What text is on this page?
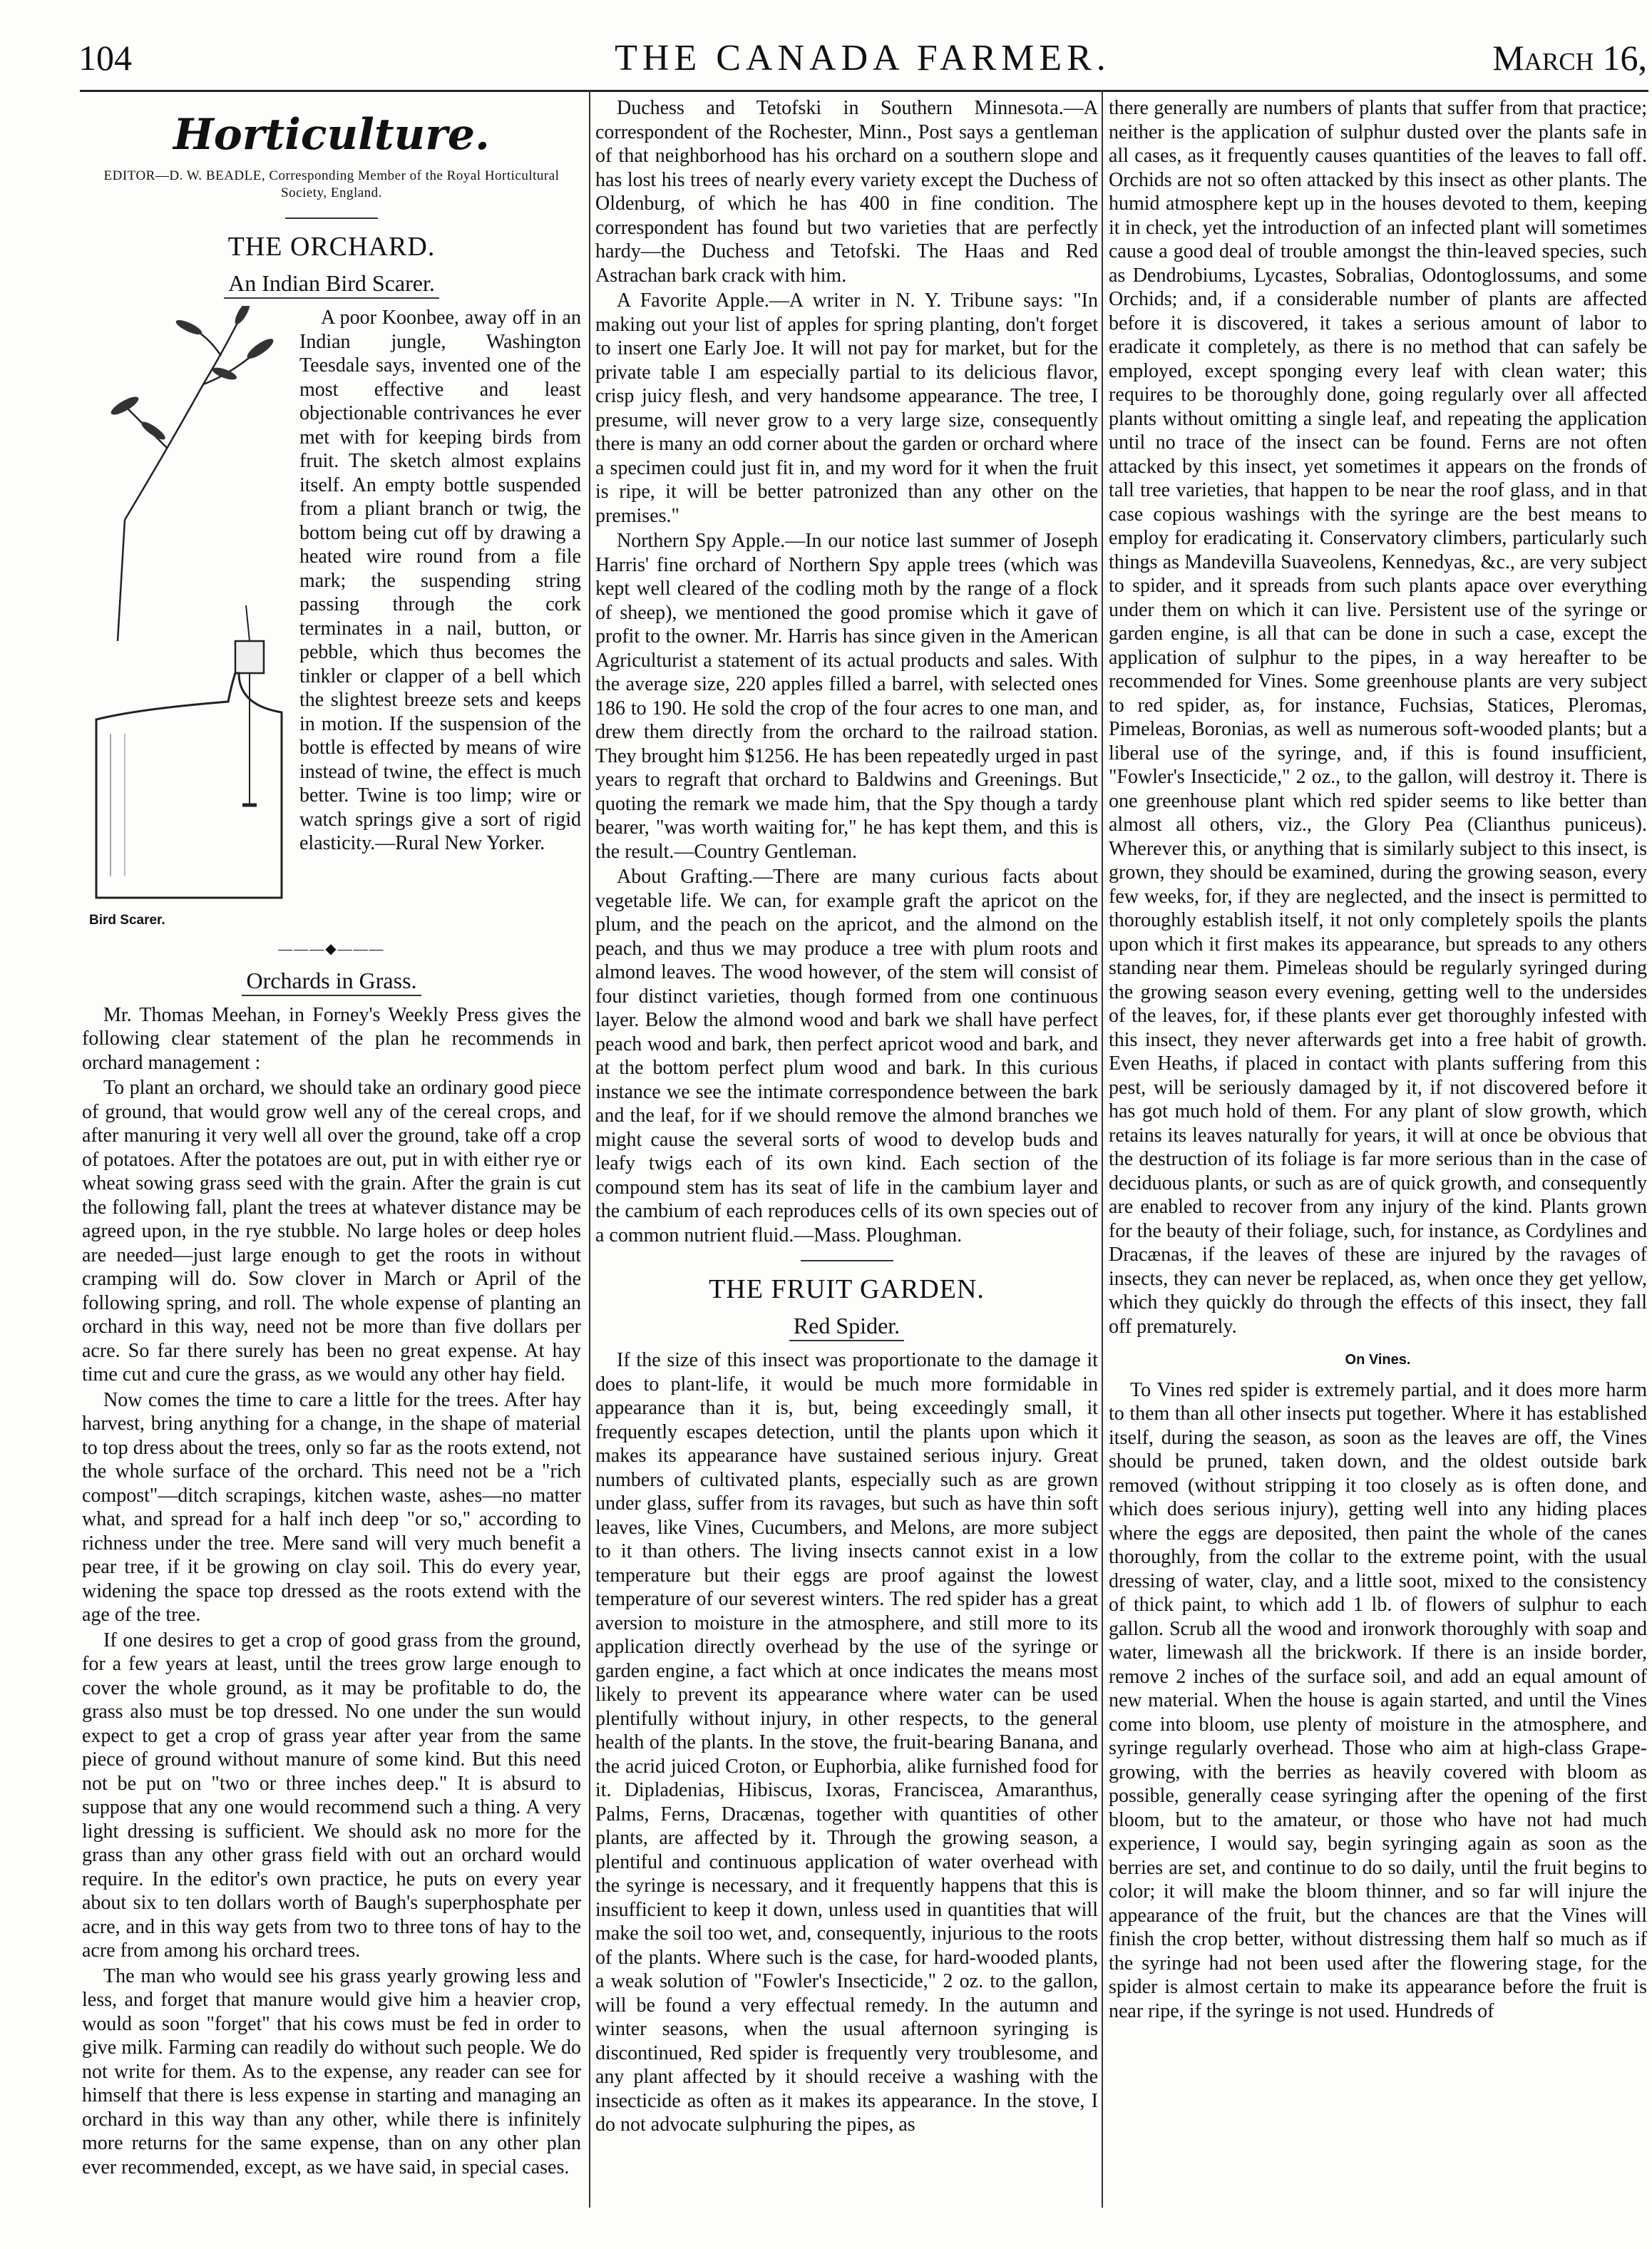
104	THE CANADA FARMER.	March 16,
Horticulture.
EDITOR—D. W. BEADLE, Corresponding Member of the Royal Horticultural Society, England.
THE ORCHARD.
An Indian Bird Scarer.
Bird Scarer.

A poor Koonbee, away off in an Indian jungle, Washington Teesdale says, invented one of the most effective and least objectionable contrivances he ever met with for keeping birds from fruit. The sketch almost explains itself. An empty bottle suspended from a pliant branch or twig, the bottom being cut off by drawing a heated wire round from a file mark; the suspending string passing through the cork terminates in a nail, button, or pebble, which thus becomes the tinkler or clapper of a bell which the slightest breeze sets and keeps in motion. If the suspension of the bottle is effected by means of wire instead of twine, the effect is much better. Twine is too limp; wire or watch springs give a sort of rigid elasticity.—Rural New Yorker.

———◆———
Orchards in Grass.

Mr. Thomas Meehan, in Forney's Weekly Press gives the following clear statement of the plan he recommends in orchard management :

To plant an orchard, we should take an ordinary good piece of ground, that would grow well any of the cereal crops, and after manuring it very well all over the ground, take off a crop of potatoes. After the potatoes are out, put in with either rye or wheat sowing grass seed with the grain. After the grain is cut the following fall, plant the trees at whatever distance may be agreed upon, in the rye stubble. No large holes or deep holes are needed—just large enough to get the roots in without cramping will do. Sow clover in March or April of the following spring, and roll. The whole expense of planting an orchard in this way, need not be more than five dollars per acre. So far there surely has been no great expense. At hay time cut and cure the grass, as we would any other hay field.

Now comes the time to care a little for the trees. After hay harvest, bring anything for a change, in the shape of material to top dress about the trees, only so far as the roots extend, not the whole surface of the orchard. This need not be a "rich compost"—ditch scrapings, kitchen waste, ashes—no matter what, and spread for a half inch deep "or so," according to richness under the tree. Mere sand will very much benefit a pear tree, if it be growing on clay soil. This do every year, widening the space top dressed as the roots extend with the age of the tree.

If one desires to get a crop of good grass from the ground, for a few years at least, until the trees grow large enough to cover the whole ground, as it may be profitable to do, the grass also must be top dressed. No one under the sun would expect to get a crop of grass year after year from the same piece of ground without manure of some kind. But this need not be put on "two or three inches deep." It is absurd to suppose that any one would recommend such a thing. A very light dressing is sufficient. We should ask no more for the grass than any other grass field with out an orchard would require. In the editor's own practice, he puts on every year about six to ten dollars worth of Baugh's superphosphate per acre, and in this way gets from two to three tons of hay to the acre from among his orchard trees.

The man who would see his grass yearly growing less and less, and forget that manure would give him a heavier crop, would as soon "forget" that his cows must be fed in order to give milk. Farming can readily do without such people. We do not write for them. As to the expense, any reader can see for himself that there is less expense in starting and managing an orchard in this way than any other, while there is infinitely more returns for the same expense, than on any other plan ever recommended, except, as we have said, in special cases.

Duchess and Tetofski in Southern Minnesota.—A correspondent of the Rochester, Minn., Post says a gentleman of that neighborhood has his orchard on a southern slope and has lost his trees of nearly every variety except the Duchess of Oldenburg, of which he has 400 in fine condition. The correspondent has found but two varieties that are perfectly hardy—the Duchess and Tetofski. The Haas and Red Astrachan bark crack with him.

A Favorite Apple.—A writer in N. Y. Tribune says: "In making out your list of apples for spring planting, don't forget to insert one Early Joe. It will not pay for market, but for the private table I am especially partial to its delicious flavor, crisp juicy flesh, and very handsome appearance. The tree, I presume, will never grow to a very large size, consequently there is many an odd corner about the garden or orchard where a specimen could just fit in, and my word for it when the fruit is ripe, it will be better patronized than any other on the premises."

Northern Spy Apple.—In our notice last summer of Joseph Harris' fine orchard of Northern Spy apple trees (which was kept well cleared of the codling moth by the range of a flock of sheep), we mentioned the good promise which it gave of profit to the owner. Mr. Harris has since given in the American Agriculturist a statement of its actual products and sales. With the average size, 220 apples filled a barrel, with selected ones 186 to 190. He sold the crop of the four acres to one man, and drew them directly from the orchard to the railroad station. They brought him $1256. He has been repeatedly urged in past years to regraft that orchard to Baldwins and Greenings. But quoting the remark we made him, that the Spy though a tardy bearer, "was worth waiting for," he has kept them, and this is the result.—Country Gentleman.

About Grafting.—There are many curious facts about vegetable life. We can, for example graft the apricot on the plum, and the peach on the apricot, and the almond on the peach, and thus we may produce a tree with plum roots and almond leaves. The wood however, of the stem will consist of four distinct varieties, though formed from one continuous layer. Below the almond wood and bark we shall have perfect peach wood and bark, then perfect apricot wood and bark, and at the bottom perfect plum wood and bark. In this curious instance we see the intimate correspondence between the bark and the leaf, for if we should remove the almond branches we might cause the several sorts of wood to develop buds and leafy twigs each of its own kind. Each section of the compound stem has its seat of life in the cambium layer and the cambium of each reproduces cells of its own species out of a common nutrient fluid.—Mass. Ploughman.

THE FRUIT GARDEN.
Red Spider.

If the size of this insect was proportionate to the damage it does to plant-life, it would be much more formidable in appearance than it is, but, being exceedingly small, it frequently escapes detection, until the plants upon which it makes its appearance have sustained serious injury. Great numbers of cultivated plants, especially such as are grown under glass, suffer from its ravages, but such as have thin soft leaves, like Vines, Cucumbers, and Melons, are more subject to it than others. The living insects cannot exist in a low temperature but their eggs are proof against the lowest temperature of our severest winters. The red spider has a great aversion to moisture in the atmosphere, and still more to its application directly overhead by the use of the syringe or garden engine, a fact which at once indicates the means most likely to prevent its appearance where water can be used plentifully without injury, in other respects, to the general health of the plants. In the stove, the fruit-bearing Banana, and the acrid juiced Croton, or Euphorbia, alike furnished food for it. Dipladenias, Hibiscus, Ixoras, Franciscea, Amaranthus, Palms, Ferns, Dracænas, together with quantities of other plants, are affected by it. Through the growing season, a plentiful and continuous application of water overhead with the syringe is necessary, and it frequently happens that this is insufficient to keep it down, unless used in quantities that will make the soil too wet, and, consequently, injurious to the roots of the plants. Where such is the case, for hard-wooded plants, a weak solution of "Fowler's Insecticide," 2 oz. to the gallon, will be found a very effectual remedy. In the autumn and winter seasons, when the usual afternoon syringing is discontinued, Red spider is frequently very troublesome, and any plant affected by it should receive a washing with the insecticide as often as it makes its appearance. In the stove, I do not advocate sulphuring the pipes, as

there generally are numbers of plants that suffer from that practice; neither is the application of sulphur dusted over the plants safe in all cases, as it frequently causes quantities of the leaves to fall off. Orchids are not so often attacked by this insect as other plants. The humid atmosphere kept up in the houses devoted to them, keeping it in check, yet the introduction of an infected plant will sometimes cause a good deal of trouble amongst the thin-leaved species, such as Dendrobiums, Lycastes, Sobralias, Odontoglossums, and some Orchids; and, if a considerable number of plants are affected before it is discovered, it takes a serious amount of labor to eradicate it completely, as there is no method that can safely be employed, except sponging every leaf with clean water; this requires to be thoroughly done, going regularly over all affected plants without omitting a single leaf, and repeating the application until no trace of the insect can be found. Ferns are not often attacked by this insect, yet sometimes it appears on the fronds of tall tree varieties, that happen to be near the roof glass, and in that case copious washings with the syringe are the best means to employ for eradicating it. Conservatory climbers, particularly such things as Mandevilla Suaveolens, Kennedyas, &c., are very subject to spider, and it spreads from such plants apace over everything under them on which it can live. Persistent use of the syringe or garden engine, is all that can be done in such a case, except the application of sulphur to the pipes, in a way hereafter to be recommended for Vines. Some greenhouse plants are very subject to red spider, as, for instance, Fuchsias, Statices, Pleromas, Pimeleas, Boronias, as well as numerous soft-wooded plants; but a liberal use of the syringe, and, if this is found insufficient, "Fowler's Insecticide," 2 oz., to the gallon, will destroy it. There is one greenhouse plant which red spider seems to like better than almost all others, viz., the Glory Pea (Clianthus puniceus). Wherever this, or anything that is similarly subject to this insect, is grown, they should be examined, during the growing season, every few weeks, for, if they are neglected, and the insect is permitted to thoroughly establish itself, it not only completely spoils the plants upon which it first makes its appearance, but spreads to any others standing near them. Pimeleas should be regularly syringed during the growing season every evening, getting well to the undersides of the leaves, for, if these plants ever get thoroughly infested with this insect, they never afterwards get into a free habit of growth. Even Heaths, if placed in contact with plants suffering from this pest, will be seriously damaged by it, if not discovered before it has got much hold of them. For any plant of slow growth, which retains its leaves naturally for years, it will at once be obvious that the destruction of its foliage is far more serious than in the case of deciduous plants, or such as are of quick growth, and consequently are enabled to recover from any injury of the kind. Plants grown for the beauty of their foliage, such, for instance, as Cordylines and Dracænas, if the leaves of these are injured by the ravages of insects, they can never be replaced, as, when once they get yellow, which they quickly do through the effects of this insect, they fall off prematurely.

On Vines.

To Vines red spider is extremely partial, and it does more harm to them than all other insects put together. Where it has established itself, during the season, as soon as the leaves are off, the Vines should be pruned, taken down, and the oldest outside bark removed (without stripping it too closely as is often done, and which does serious injury), getting well into any hiding places where the eggs are deposited, then paint the whole of the canes thoroughly, from the collar to the extreme point, with the usual dressing of water, clay, and a little soot, mixed to the consistency of thick paint, to which add 1 lb. of flowers of sulphur to each gallon. Scrub all the wood and ironwork thoroughly with soap and water, limewash all the brickwork. If there is an inside border, remove 2 inches of the surface soil, and add an equal amount of new material. When the house is again started, and until the Vines come into bloom, use plenty of moisture in the atmosphere, and syringe regularly overhead. Those who aim at high-class Grape-growing, with the berries as heavily covered with bloom as possible, generally cease syringing after the opening of the first bloom, but to the amateur, or those who have not had much experience, I would say, begin syringing again as soon as the berries are set, and continue to do so daily, until the fruit begins to color; it will make the bloom thinner, and so far will injure the appearance of the fruit, but the chances are that the Vines will finish the crop better, without distressing them half so much as if the syringe had not been used after the flowering stage, for the spider is almost certain to make its appearance before the fruit is near ripe, if the syringe is not used. Hundreds of
